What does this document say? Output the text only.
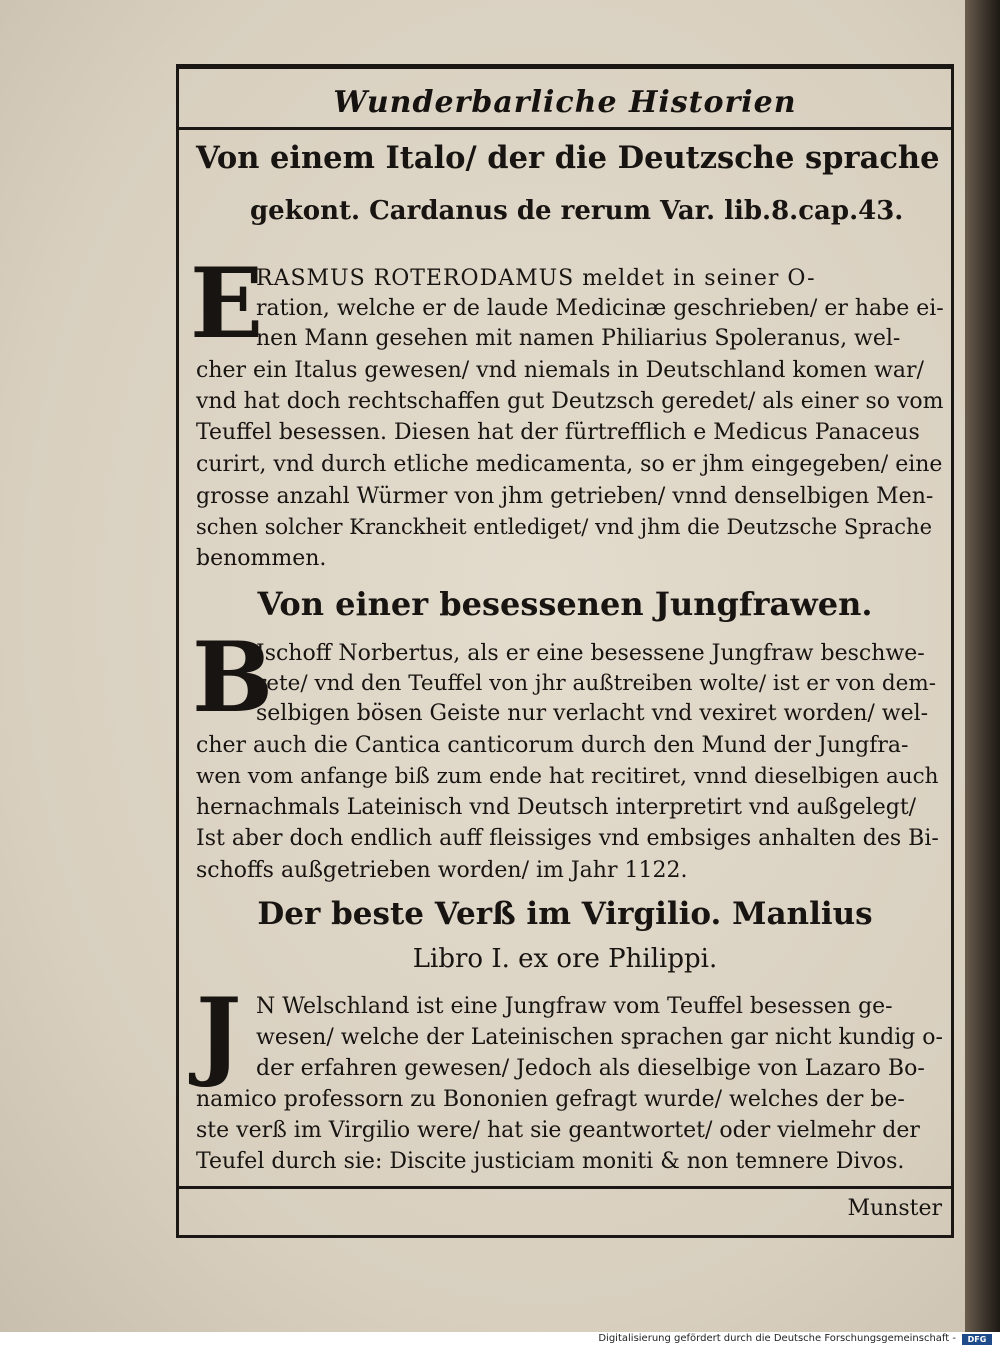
Wunderbarliche Historien
Von einem Italo/ der die Deutzsche sprache
gekont. Cardanus de rerum Var. lib.8.cap.43.
E
RASMUS ROTERODAMUS meldet in seiner O-
ration, welche er de laude Medicinæ geschrieben/ er habe ei-
nen Mann gesehen mit namen Philiarius Spoleranus, wel-
cher ein Italus gewesen/ vnd niemals in Deutschland komen war/
vnd hat doch rechtschaffen gut Deutzsch geredet/ als einer so vom
Teuffel besessen. Diesen hat der fürtrefflich e Medicus Panaceus
curirt, vnd durch etliche medicamenta, so er jhm eingegeben/ eine
grosse anzahl Würmer von jhm getrieben/ vnnd denselbigen Men-
schen solcher Kranckheit entlediget/ vnd jhm die Deutzsche Sprache
benommen.
Von einer besessenen Jungfrawen.
B
Ischoff Norbertus, als er eine besessene Jungfraw beschwe-
rete/ vnd den Teuffel von jhr außtreiben wolte/ ist er von dem-
selbigen bösen Geiste nur verlacht vnd vexiret worden/ wel-
cher auch die Cantica canticorum durch den Mund der Jungfra-
wen vom anfange biß zum ende hat recitiret, vnnd dieselbigen auch
hernachmals Lateinisch vnd Deutsch interpretirt vnd außgelegt/
Ist aber doch endlich auff fleissiges vnd embsiges anhalten des Bi-
schoffs außgetrieben worden/ im Jahr 1122.
Der beste Verß im Virgilio. Manlius
Libro I. ex ore Philippi.
J N Welschland ist eine Jungfraw vom Teuffel besessen ge-
wesen/ welche der Lateinischen sprachen gar nicht kundig o-
der erfahren gewesen/ Jedoch als dieselbige von Lazaro Bo-
namico professorn zu Bononien gefragt wurde/ welches der be-
ste verß im Virgilio were/ hat sie geantwortet/ oder vielmehr der
Teufel durch sie: Discite justiciam moniti & non temnere Divos.
Munster
Digitalisierung gefördert durch die Deutsche Forschungsgemeinschaft -	DFG
